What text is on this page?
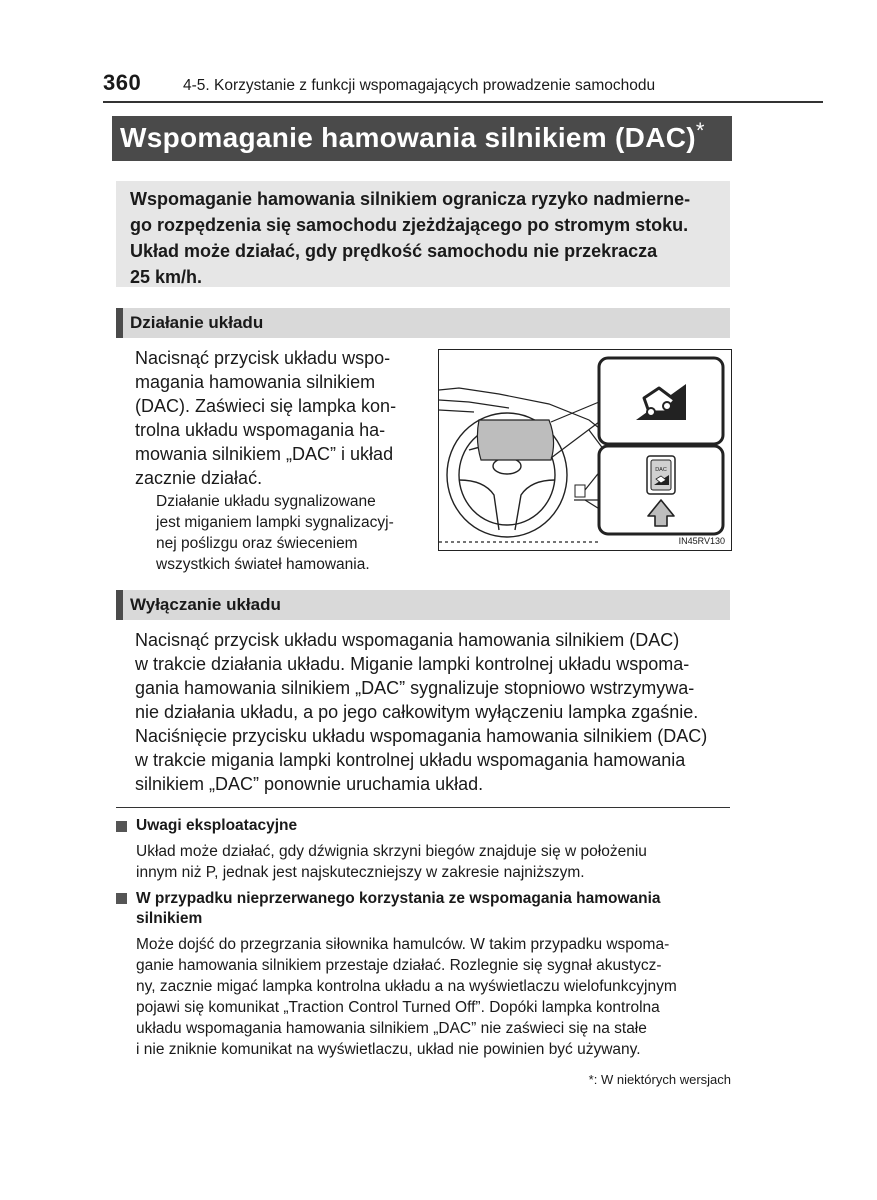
360	4-5. Korzystanie z funkcji wspomagających prowadzenie samochodu
Wspomaganie hamowania silnikiem (DAC)*
Wspomaganie hamowania silnikiem ogranicza ryzyko nadmierne-
go rozpędzenia się samochodu zjeżdżającego po stromym stoku.
Układ może działać, gdy prędkość samochodu nie przekracza
25 km/h.
Działanie układu
Nacisnąć przycisk układu wspo-
magania hamowania silnikiem
(DAC). Zaświeci się lampka kon-
trolna układu wspomagania ha-
mowania silnikiem „DAC” i układ
zacznie działać.
Działanie układu sygnalizowane
jest miganiem lampki sygnalizacyj-
nej poślizgu oraz świeceniem
wszystkich świateł hamowania.
DAC
IN45RV130
Wyłączanie układu
Nacisnąć przycisk układu wspomagania hamowania silnikiem (DAC)
w trakcie działania układu. Miganie lampki kontrolnej układu wspoma-
gania hamowania silnikiem „DAC” sygnalizuje stopniowo wstrzymywa-
nie działania układu, a po jego całkowitym wyłączeniu lampka zgaśnie.
Naciśnięcie przycisku układu wspomagania hamowania silnikiem (DAC)
w trakcie migania lampki kontrolnej układu wspomagania hamowania
silnikiem „DAC” ponownie uruchamia układ.
Uwagi eksploatacyjne
Układ może działać, gdy dźwignia skrzyni biegów znajduje się w położeniu
innym niż P, jednak jest najskuteczniejszy w zakresie najniższym.
W przypadku nieprzerwanego korzystania ze wspomagania hamowania
silnikiem
Może dojść do przegrzania siłownika hamulców. W takim przypadku wspoma-
ganie hamowania silnikiem przestaje działać. Rozlegnie się sygnał akustycz-
ny, zacznie migać lampka kontrolna układu a na wyświetlaczu wielofunkcyjnym
pojawi się komunikat „Traction Control Turned Off”. Dopóki lampka kontrolna
układu wspomagania hamowania silnikiem „DAC” nie zaświeci się na stałe
i nie zniknie komunikat na wyświetlaczu, układ nie powinien być używany.
*: W niektórych wersjach
